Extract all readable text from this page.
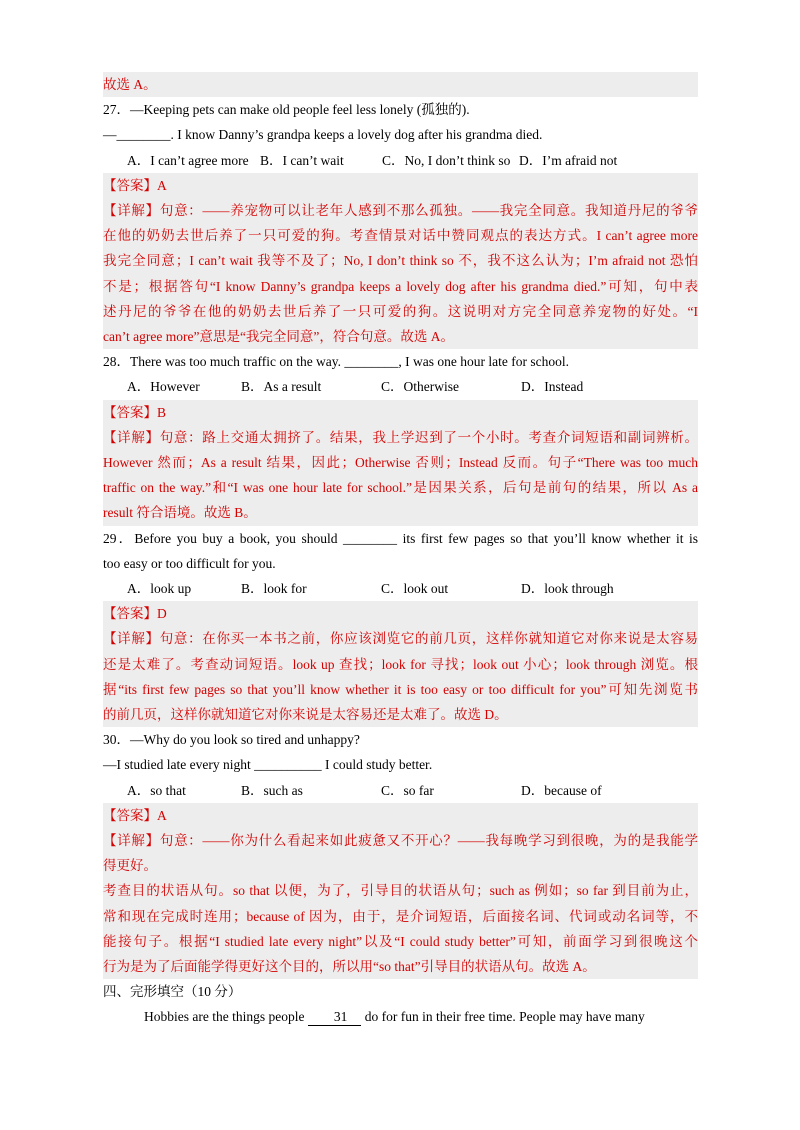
故选 A。
27．—Keeping pets can make old people feel less lonely (孤独的).
—________. I know Danny’s grandpa keeps a lovely dog after his grandma died.
A．I can’t agree more B．I can’t wait	C．No, I don’t think so D．I’m afraid not
【答案】A
【详解】句意：——养宠物可以让老年人感到不那么孤独。——我完全同意。我知道丹尼的爷爷
在他的奶奶去世后养了一只可爱的狗。考查情景对话中赞同观点的表达方式。I can’t agree more
我完全同意；I can’t wait 我等不及了；No, I don’t think so 不，我不这么认为；I’m afraid not 恐怕
不是；根据答句“I know Danny’s grandpa keeps a lovely dog after his grandma died.”可知，句中表
述丹尼的爷爷在他的奶奶去世后养了一只可爱的狗。这说明对方完全同意养宠物的好处。“I
can’t agree more”意思是“我完全同意”，符合句意。故选 A。
28．There was too much traffic on the way. ________, I was one hour late for school.
A．However	B．As a result	C．Otherwise	D．Instead
【答案】B
【详解】句意：路上交通太拥挤了。结果，我上学迟到了一个小时。考查介词短语和副词辨析。
However 然而；As a result 结果，因此；Otherwise 否则；Instead 反而。句子“There was too much
traffic on the way.”和“I was one hour late for school.”是因果关系，后句是前句的结果，所以 As a
result 符合语境。故选 B。
29．Before you buy a book, you should ________ its first few pages so that you’ll know whether it is
too easy or too difficult for you.
A．look up	B．look for	C．look out	D．look through
【答案】D
【详解】句意：在你买一本书之前，你应该浏览它的前几页，这样你就知道它对你来说是太容易
还是太难了。考查动词短语。look up 查找；look for 寻找；look out 小心；look through 浏览。根
据“its first few pages so that you’ll know whether it is too easy or too difficult for you”可知先浏览书
的前几页，这样你就知道它对你来说是太容易还是太难了。故选 D。
30．—Why do you look so tired and unhappy?
—I studied late every night __________ I could study better.
A．so that	B．such as	C．so far	D．because of
【答案】A
【详解】句意：——你为什么看起来如此疲惫又不开心？——我每晚学习到很晚，为的是我能学
得更好。
考查目的状语从句。so that 以便，为了，引导目的状语从句；such as 例如；so far 到目前为止，
常和现在完成时连用；because of 因为，由于，是介词短语，后面接名词、代词或动名词等，不
能接句子。根据“I studied late every night”以及“I could study better”可知，前面学习到很晚这个
行为是为了后面能学得更好这个目的，所以用“so that”引导目的状语从句。故选 A。
四、完形填空（10 分）
Hobbies are the things people 31 do for fun in their free time. People may have many
